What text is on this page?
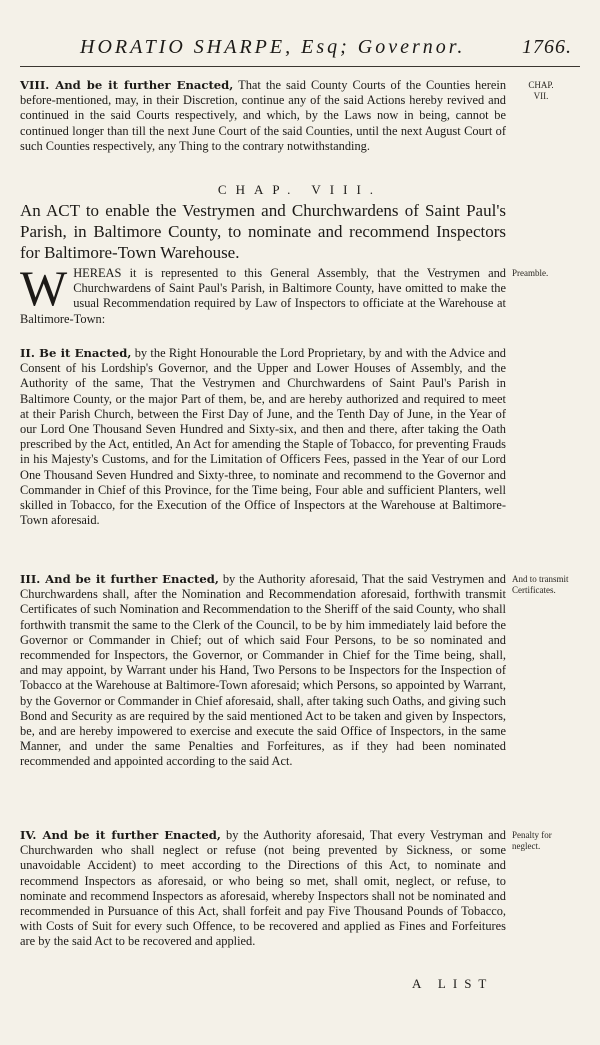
HORATIO SHARPE, Esq; Governor.	1766.
VIII. And be it further Enacted, That the said County Courts of the Counties herein before-mentioned, may, in their Discretion, continue any of the said Actions hereby revived and continued in the said Courts respectively, and which, by the Laws now in being, cannot be continued longer than till the next June Court of the said Counties, until the next August Court of such Counties respectively, any Thing to the contrary notwithstanding.
CHAP.
VII.
CHAP. VIII.
An ACT to enable the Vestrymen and Churchwardens of Saint Paul's Parish, in Baltimore County, to nominate and recommend Inspectors for Baltimore-Town Warehouse.
W HEREAS it is represented to this General Assembly, that the Vestrymen and Churchwardens of Saint Paul's Parish, in Baltimore County, have omitted to make the usual Recommendation required by Law of Inspectors to officiate at the Warehouse at Baltimore-Town:
Preamble.
II. Be it Enacted, by the Right Honourable the Lord Proprietary, by and with the Advice and Consent of his Lordship's Governor, and the Upper and Lower Houses of Assembly, and the Authority of the same, That the Vestrymen and Churchwardens of Saint Paul's Parish in Baltimore County, or the major Part of them, be, and are hereby authorized and required to meet at their Parish Church, between the First Day of June, and the Tenth Day of June, in the Year of our Lord One Thousand Seven Hundred and Sixty-six, and then and there, after taking the Oath prescribed by the Act, entitled, An Act for amending the Staple of Tobacco, for preventing Frauds in his Majesty's Customs, and for the Limitation of Officers Fees, passed in the Year of our Lord One Thousand Seven Hundred and Sixty-three, to nominate and recommend to the Governor and Commander in Chief of this Province, for the Time being, Four able and sufficient Planters, well skilled in Tobacco, for the Execution of the Office of Inspectors at the Warehouse at Baltimore-Town aforesaid.
III. And be it further Enacted, by the Authority aforesaid, That the said Vestrymen and Churchwardens shall, after the Nomination and Recommendation aforesaid, forthwith transmit Certificates of such Nomination and Recommendation to the Sheriff of the said County, who shall forthwith transmit the same to the Clerk of the Council, to be by him immediately laid before the Governor or Commander in Chief; out of which said Four Persons, to be so nominated and recommended for Inspectors, the Governor, or Commander in Chief for the Time being, shall, and may appoint, by Warrant under his Hand, Two Persons to be Inspectors for the Inspection of Tobacco at the Warehouse at Baltimore-Town aforesaid; which Persons, so appointed by Warrant, by the Governor or Commander in Chief aforesaid, shall, after taking such Oaths, and giving such Bond and Security as are required by the said mentioned Act to be taken and given by Inspectors, be, and are hereby impowered to exercise and execute the said Office of Inspectors, in the same Manner, and under the same Penalties and Forfeitures, as if they had been nominated recommended and appointed according to the said Act.
And to transmit Certificates.
IV. And be it further Enacted, by the Authority aforesaid, That every Vestryman and Churchwarden who shall neglect or refuse (not being prevented by Sickness, or some unavoidable Accident) to meet according to the Directions of this Act, to nominate and recommend Inspectors as aforesaid, or who being so met, shall omit, neglect, or refuse, to nominate and recommend Inspectors as aforesaid, whereby Inspectors shall not be nominated and recommended in Pursuance of this Act, shall forfeit and pay Five Thousand Pounds of Tobacco, with Costs of Suit for every such Offence, to be recovered and applied as Fines and Forfeitures are by the said Act to be recovered and applied.
Penalty for neglect.
A LIST
